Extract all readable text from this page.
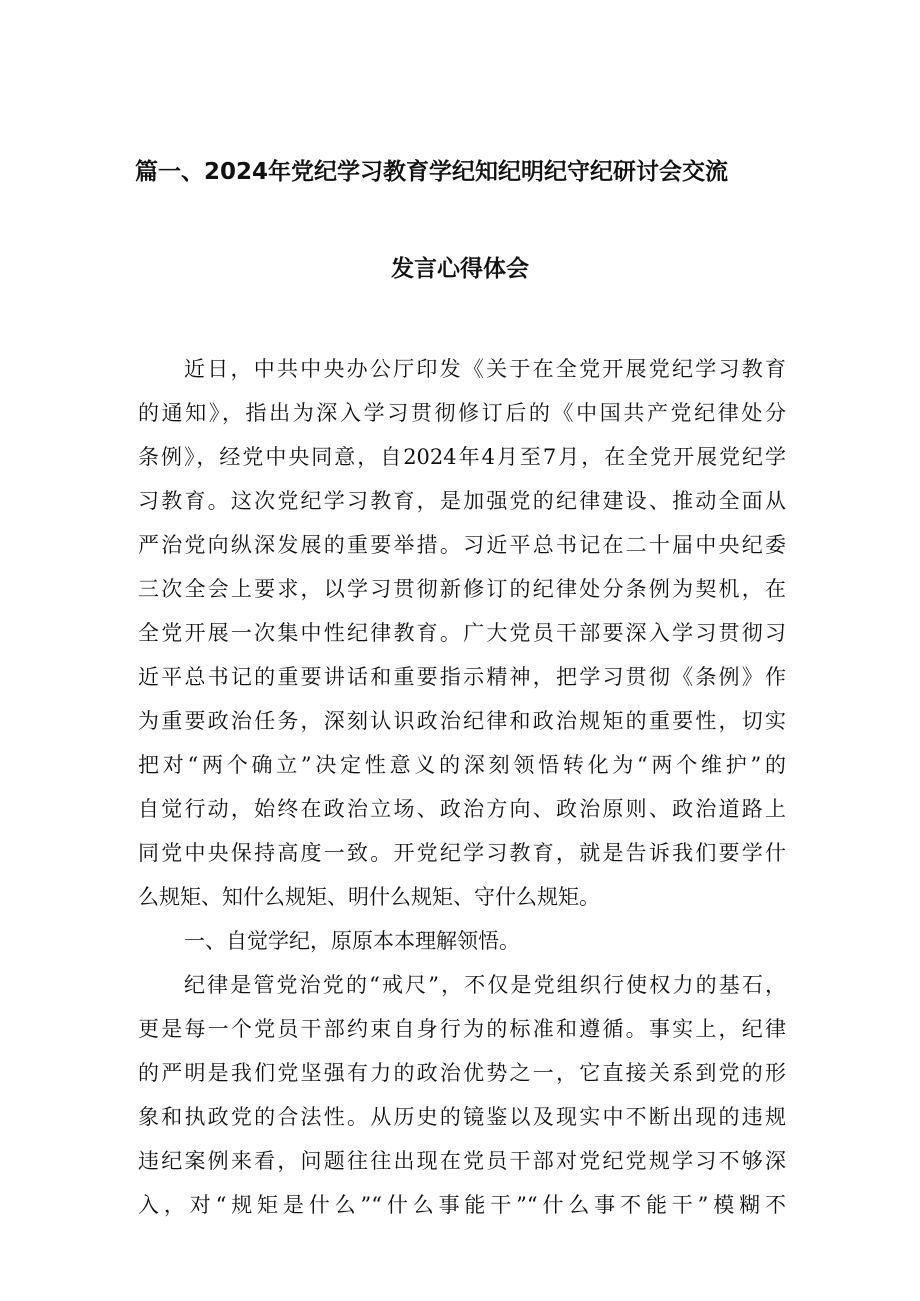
篇一、2024年党纪学习教育学纪知纪明纪守纪研讨会交流
发言心得体会
近日，中共中央办公厅印发《关于在全党开展党纪学习教育
的通知》，指出为深入学习贯彻修订后的《中国共产党纪律处分
条例》，经党中央同意，自2024年4月至7月，在全党开展党纪学
习教育。这次党纪学习教育，是加强党的纪律建设、推动全面从
严治党向纵深发展的重要举措。习近平总书记在二十届中央纪委
三次全会上要求，以学习贯彻新修订的纪律处分条例为契机，在
全党开展一次集中性纪律教育。广大党员干部要深入学习贯彻习
近平总书记的重要讲话和重要指示精神，把学习贯彻《条例》作
为重要政治任务，深刻认识政治纪律和政治规矩的重要性，切实
把对“两个确立”决定性意义的深刻领悟转化为“两个维护”的
自觉行动，始终在政治立场、政治方向、政治原则、政治道路上
同党中央保持高度一致。开党纪学习教育，就是告诉我们要学什
么规矩、知什么规矩、明什么规矩、守什么规矩。
一、自觉学纪，原原本本理解领悟。
纪律是管党治党的“戒尺”，不仅是党组织行使权力的基石，
更是每一个党员干部约束自身行为的标准和遵循。事实上，纪律
的严明是我们党坚强有力的政治优势之一，它直接关系到党的形
象和执政党的合法性。从历史的镜鉴以及现实中不断出现的违规
违纪案例来看，问题往往出现在党员干部对党纪党规学习不够深
入，对“规矩是什么”“什么事能干”“什么事不能干”模糊不
